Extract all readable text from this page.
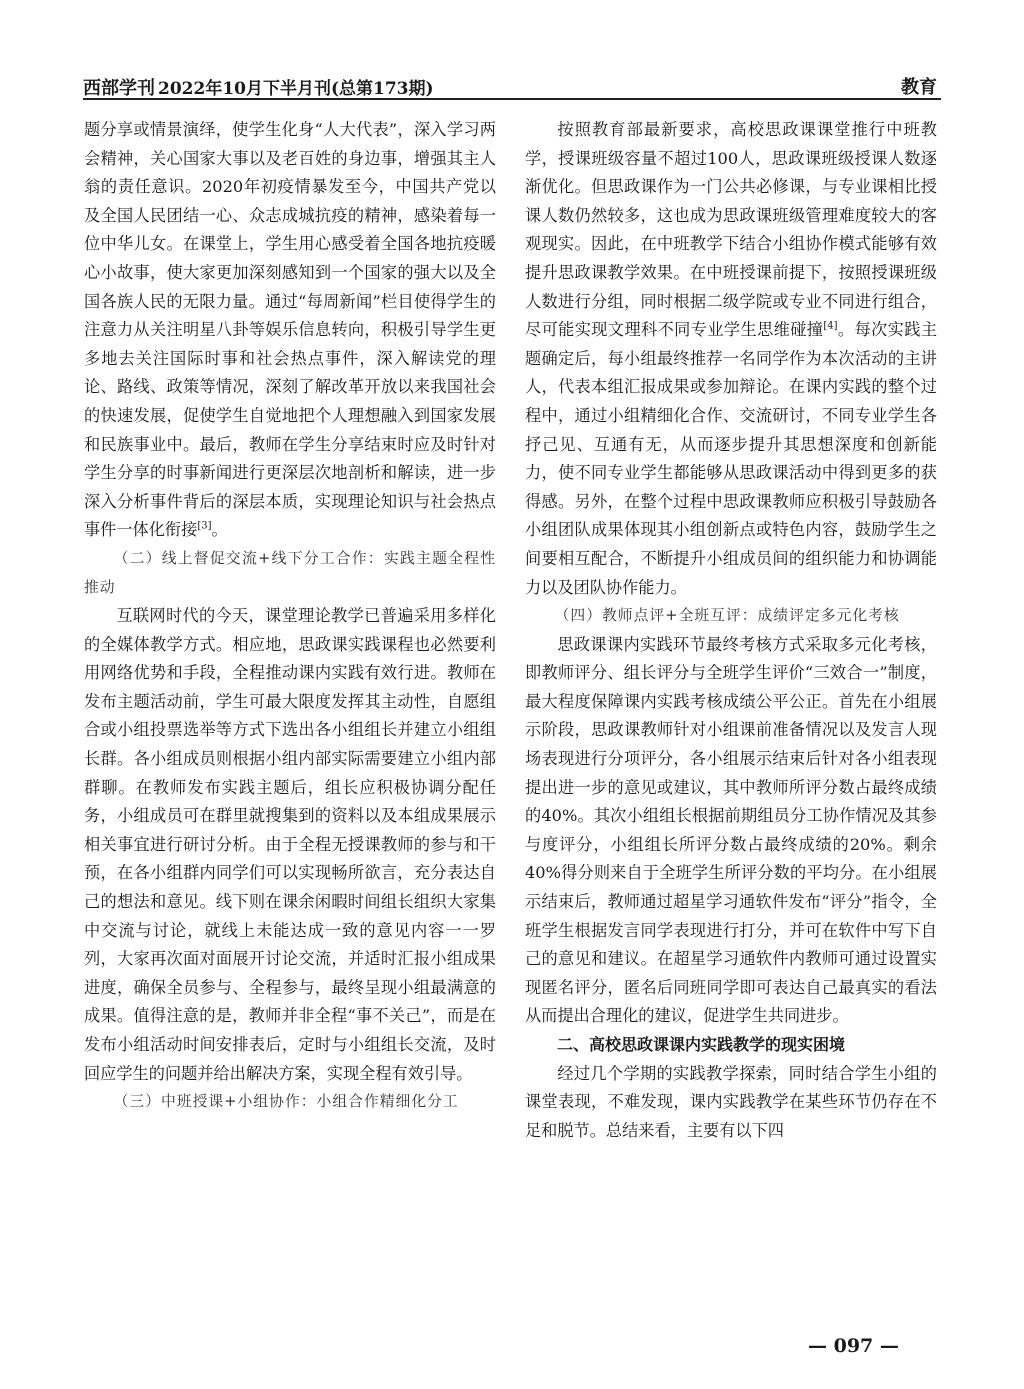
西部学刊 2022年10月下半月刊(总第173期)	教育

题分享或情景演绎，使学生化身“人大代表”，深入学习两会精神，关心国家大事以及老百姓的身边事，增强其主人翁的责任意识。2020年初疫情暴发至今，中国共产党以及全国人民团结一心、众志成城抗疫的精神，感染着每一位中华儿女。在课堂上，学生用心感受着全国各地抗疫暖心小故事，使大家更加深刻感知到一个国家的强大以及全国各族人民的无限力量。通过“每周新闻”栏目使得学生的注意力从关注明星八卦等娱乐信息转向，积极引导学生更多地去关注国际时事和社会热点事件，深入解读党的理论、路线、政策等情况，深刻了解改革开放以来我国社会的快速发展，促使学生自觉地把个人理想融入到国家发展和民族事业中。最后，教师在学生分享结束时应及时针对学生分享的时事新闻进行更深层次地剖析和解读，进一步深入分析事件背后的深层本质，实现理论知识与社会热点事件一体化衔接[3]。

（二）线上督促交流+线下分工合作：实践主题全程性推动

互联网时代的今天，课堂理论教学已普遍采用多样化的全媒体教学方式。相应地，思政课实践课程也必然要利用网络优势和手段，全程推动课内实践有效行进。教师在发布主题活动前，学生可最大限度发挥其主动性，自愿组合或小组投票选举等方式下选出各小组组长并建立小组组长群。各小组成员则根据小组内部实际需要建立小组内部群聊。在教师发布实践主题后，组长应积极协调分配任务，小组成员可在群里就搜集到的资料以及本组成果展示相关事宜进行研讨分析。由于全程无授课教师的参与和干预，在各小组群内同学们可以实现畅所欲言，充分表达自己的想法和意见。线下则在课余闲暇时间组长组织大家集中交流与讨论，就线上未能达成一致的意见内容一一罗列，大家再次面对面展开讨论交流，并适时汇报小组成果进度，确保全员参与、全程参与，最终呈现小组最满意的成果。值得注意的是，教师并非全程“事不关己”，而是在发布小组活动时间安排表后，定时与小组组长交流，及时回应学生的问题并给出解决方案，实现全程有效引导。

（三）中班授课+小组协作：小组合作精细化分工

按照教育部最新要求，高校思政课课堂推行中班教学，授课班级容量不超过100人，思政课班级授课人数逐渐优化。但思政课作为一门公共必修课，与专业课相比授课人数仍然较多，这也成为思政课班级管理难度较大的客观现实。因此，在中班教学下结合小组协作模式能够有效提升思政课教学效果。在中班授课前提下，按照授课班级人数进行分组，同时根据二级学院或专业不同进行组合，尽可能实现文理科不同专业学生思维碰撞[4]。每次实践主题确定后，每小组最终推荐一名同学作为本次活动的主讲人，代表本组汇报成果或参加辩论。在课内实践的整个过程中，通过小组精细化合作、交流研讨，不同专业学生各抒己见、互通有无，从而逐步提升其思想深度和创新能力，使不同专业学生都能够从思政课活动中得到更多的获得感。另外，在整个过程中思政课教师应积极引导鼓励各小组团队成果体现其小组创新点或特色内容，鼓励学生之间要相互配合，不断提升小组成员间的组织能力和协调能力以及团队协作能力。

（四）教师点评+全班互评：成绩评定多元化考核

思政课课内实践环节最终考核方式采取多元化考核，即教师评分、组长评分与全班学生评价“三效合一”制度，最大程度保障课内实践考核成绩公平公正。首先在小组展示阶段，思政课教师针对小组课前准备情况以及发言人现场表现进行分项评分，各小组展示结束后针对各小组表现提出进一步的意见或建议，其中教师所评分数占最终成绩的40%。其次小组组长根据前期组员分工协作情况及其参与度评分，小组组长所评分数占最终成绩的20%。剩余40%得分则来自于全班学生所评分数的平均分。在小组展示结束后，教师通过超星学习通软件发布“评分”指令，全班学生根据发言同学表现进行打分，并可在软件中写下自己的意见和建议。在超星学习通软件内教师可通过设置实现匿名评分，匿名后同班同学即可表达自己最真实的看法从而提出合理化的建议，促进学生共同进步。

二、高校思政课课内实践教学的现实困境

经过几个学期的实践教学探索，同时结合学生小组的课堂表现，不难发现，课内实践教学在某些环节仍存在不足和脱节。总结来看，主要有以下四

— 097 —
